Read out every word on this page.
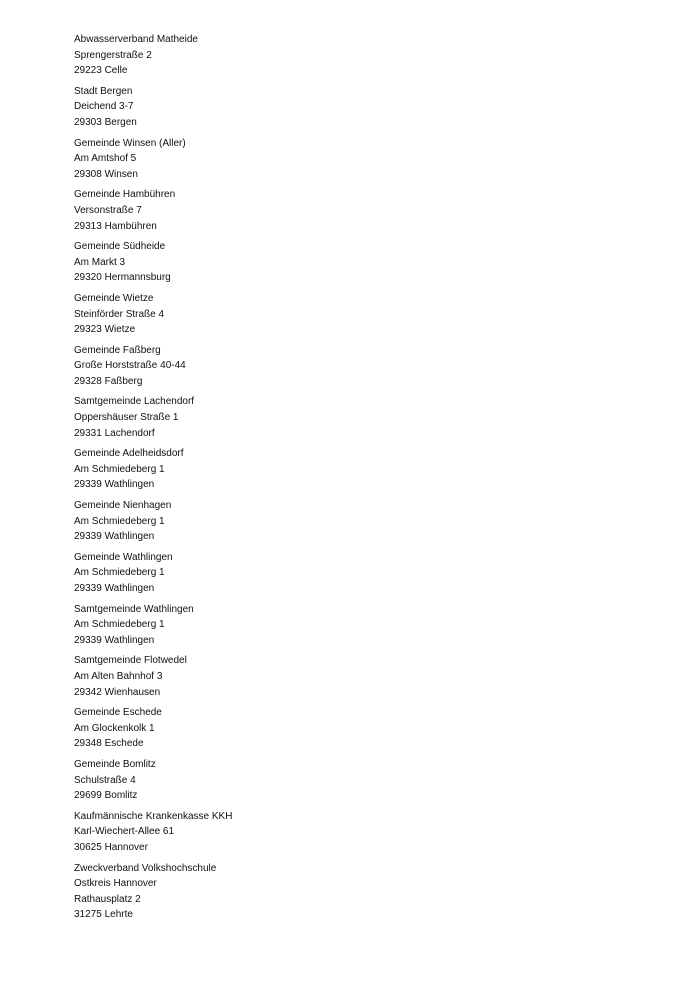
Abwasserverband Matheide
Sprengerstraße 2
29223 Celle
Stadt Bergen
Deichend 3-7
29303 Bergen
Gemeinde Winsen (Aller)
Am Amtshof 5
29308 Winsen
Gemeinde Hambühren
Versonstraße 7
29313 Hambühren
Gemeinde Südheide
Am Markt 3
29320 Hermannsburg
Gemeinde Wietze
Steinförder Straße 4
29323 Wietze
Gemeinde Faßberg
Große Horststraße 40-44
29328 Faßberg
Samtgemeinde Lachendorf
Oppershäuser Straße 1
29331 Lachendorf
Gemeinde Adelheidsdorf
Am Schmiedeberg 1
29339 Wathlingen
Gemeinde Nienhagen
Am Schmiedeberg 1
29339 Wathlingen
Gemeinde Wathlingen
Am Schmiedeberg 1
29339 Wathlingen
Samtgemeinde Wathlingen
Am Schmiedeberg 1
29339 Wathlingen
Samtgemeinde Flotwedel
Am Alten Bahnhof 3
29342 Wienhausen
Gemeinde Eschede
Am Glockenkolk 1
29348 Eschede
Gemeinde Bomlitz
Schulstraße 4
29699 Bomlitz
Kaufmännische Krankenkasse KKH
Karl-Wiechert-Allee 61
30625 Hannover
Zweckverband Volkshochschule
Ostkreis Hannover
Rathausplatz 2
31275 Lehrte
